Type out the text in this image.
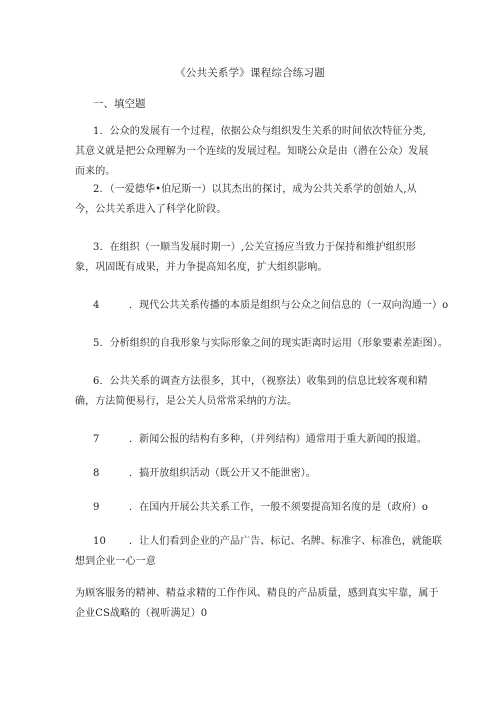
《公共关系学》课程综合练习题
一、填空题
1．公众的发展有一个过程，依据公众与组织发生关系的时间依次特征分类,其意义就是把公众理解为一个连续的发展过程。知晓公众是由（潜在公众）发展而来的。
2．（一爱德华•伯尼斯一）以其杰出的探讨，成为公共关系学的创始人,从今，公共关系进入了科学化阶段。
3．在组织（一顺当发展时期一）,公关宣扬应当致力于保持和维护组织形象，巩固既有成果，并力争提高知名度，扩大组织影响。
4	．现代公共关系传播的本质是组织与公众之间信息的（一双向沟通一）o
5．分析组织的自我形象与实际形象之间的现实距离时运用（形象要素差距图）。
6．公共关系的调查方法很多，其中，（视察法）收集到的信息比较客观和精确，方法简便易行，是公关人员常常采纳的方法。
7	．新闻公报的结构有多种，（并列结构）通常用于重大新闻的报道。
8	．搞开放组织活动（既公开又不能泄密）。
9	．在国内开展公共关系工作，一般不须要提高知名度的是（政府）o
10 ．让人们看到企业的产品广告、标记、名牌、标准字、标准色，就能联
想到企业一心一意
为顾客服务的精神、精益求精的工作作风、精良的产品质量，感到真实牢靠，属于
企业CS战略的（视听满足）0
